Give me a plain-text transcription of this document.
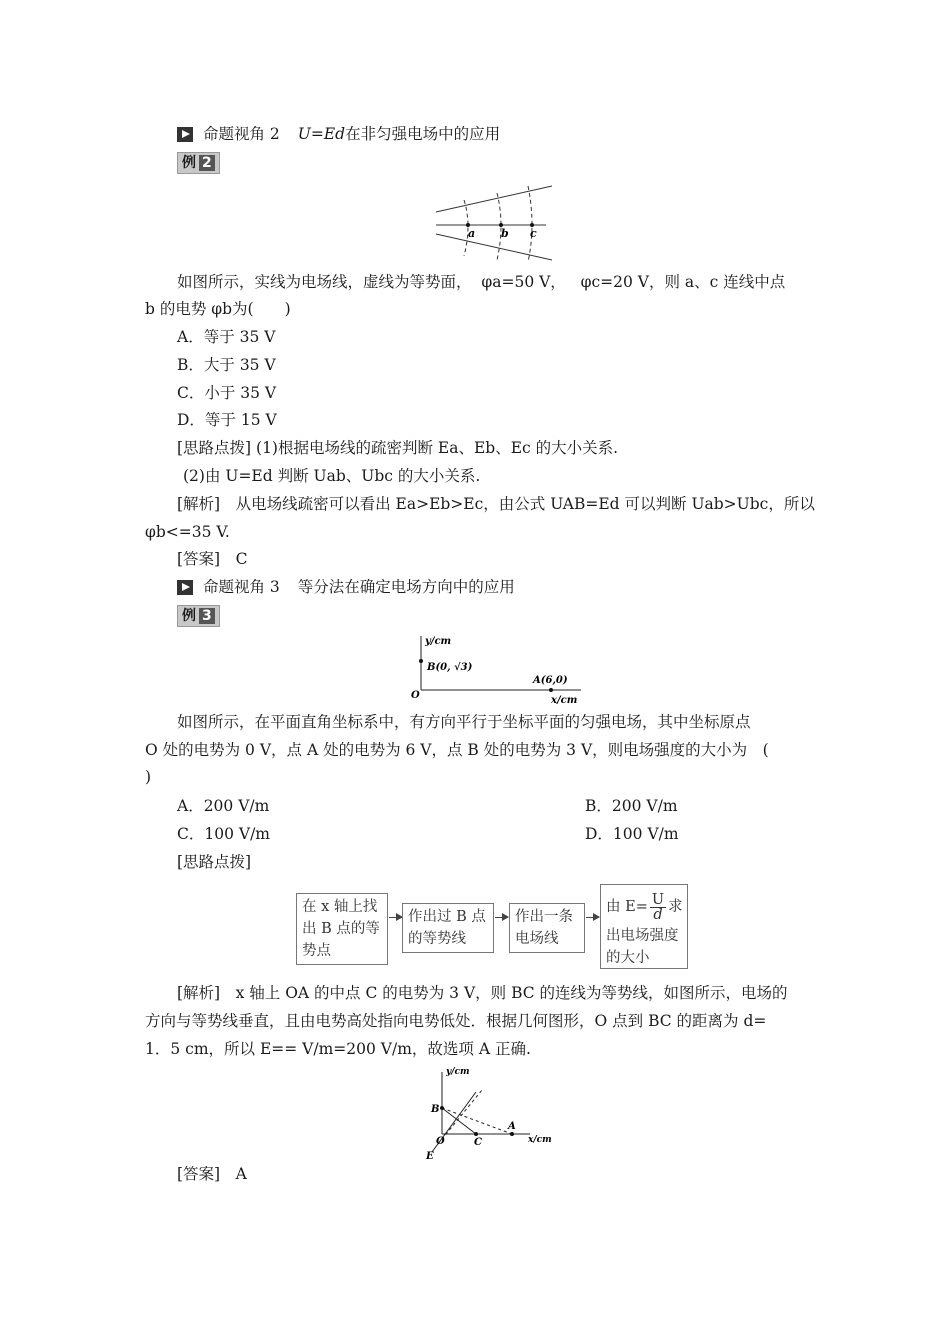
命题视角 2 U=Ed 在非匀强电场中的应用
例 2
a b c
如图所示，实线为电场线，虚线为等势面， φa=50 V， φc=20 V，则 a、c 连线中点
b 的电势 φb为(　　)
A．等于 35 V
B．大于 35 V
C．小于 35 V
D．等于 15 V
[思路点拨] (1)根据电场线的疏密判断 Ea、Eb、Ec 的大小关系.
(2)由 U=Ed 判断 Uab、Ubc 的大小关系.
[解析]　从电场线疏密可以看出 Ea>Eb>Ec，由公式 UAB=Ed 可以判断 Uab>Ubc，所以
φb<=35 V.
[答案]　C
命题视角 3 等分法在确定电场方向中的应用
例 3
y/cm
B(0, √3)
A(6,0)
O	x/cm
如图所示，在平面直角坐标系中，有方向平行于坐标平面的匀强电场，其中坐标原点
O 处的电势为 0 V，点 A 处的电势为 6 V，点 B 处的电势为 3 V，则电场强度的大小为　(
)
A．200 V/m	B．200 V/m
C．100 V/m	D．100 V/m
[思路点拨]
在 x 轴上找
出 B 点的等
势点
作出过 B 点
的等势线
作出一条
电场线
由 $E= \frac{U}{d}$ 求
出电场强度
的大小
[解析]　x 轴上 OA 的中点 C 的电势为 3 V，则 BC 的连线为等势线，如图所示，电场的
方向与等势线垂直，且由电势高处指向电势低处．根据几何图形，O 点到 BC 的距离为 d=
1．5 cm，所以 E== V/m=200 V/m，故选项 A 正确.
y/cm
B
C
A
O
E
x/cm
[答案]　A
